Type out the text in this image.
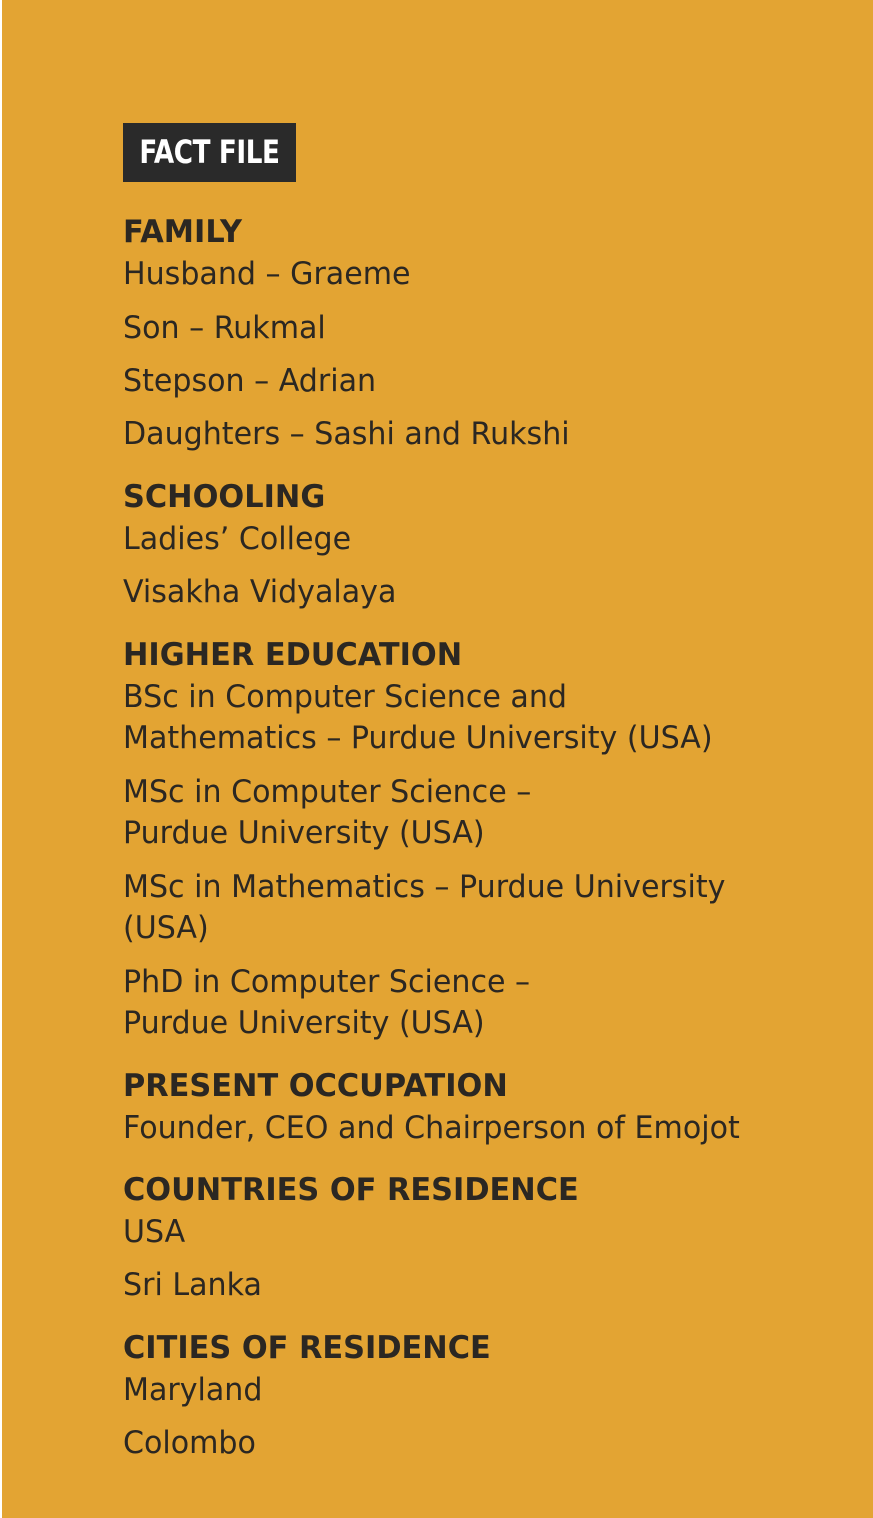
FACT FILE

FAMILY

Husband – Graeme

Son – Rukmal

Stepson – Adrian

Daughters – Sashi and Rukshi

SCHOOLING

Ladies’ College

Visakha Vidyalaya

HIGHER EDUCATION

BSc in Computer Science and

Mathematics – Purdue University (USA)

MSc in Computer Science –

Purdue University (USA)

MSc in Mathematics – Purdue University

(USA)

PhD in Computer Science –

Purdue University (USA)

PRESENT OCCUPATION

Founder, CEO and Chairperson of Emojot

COUNTRIES OF RESIDENCE

USA

Sri Lanka

CITIES OF RESIDENCE

Maryland

Colombo
